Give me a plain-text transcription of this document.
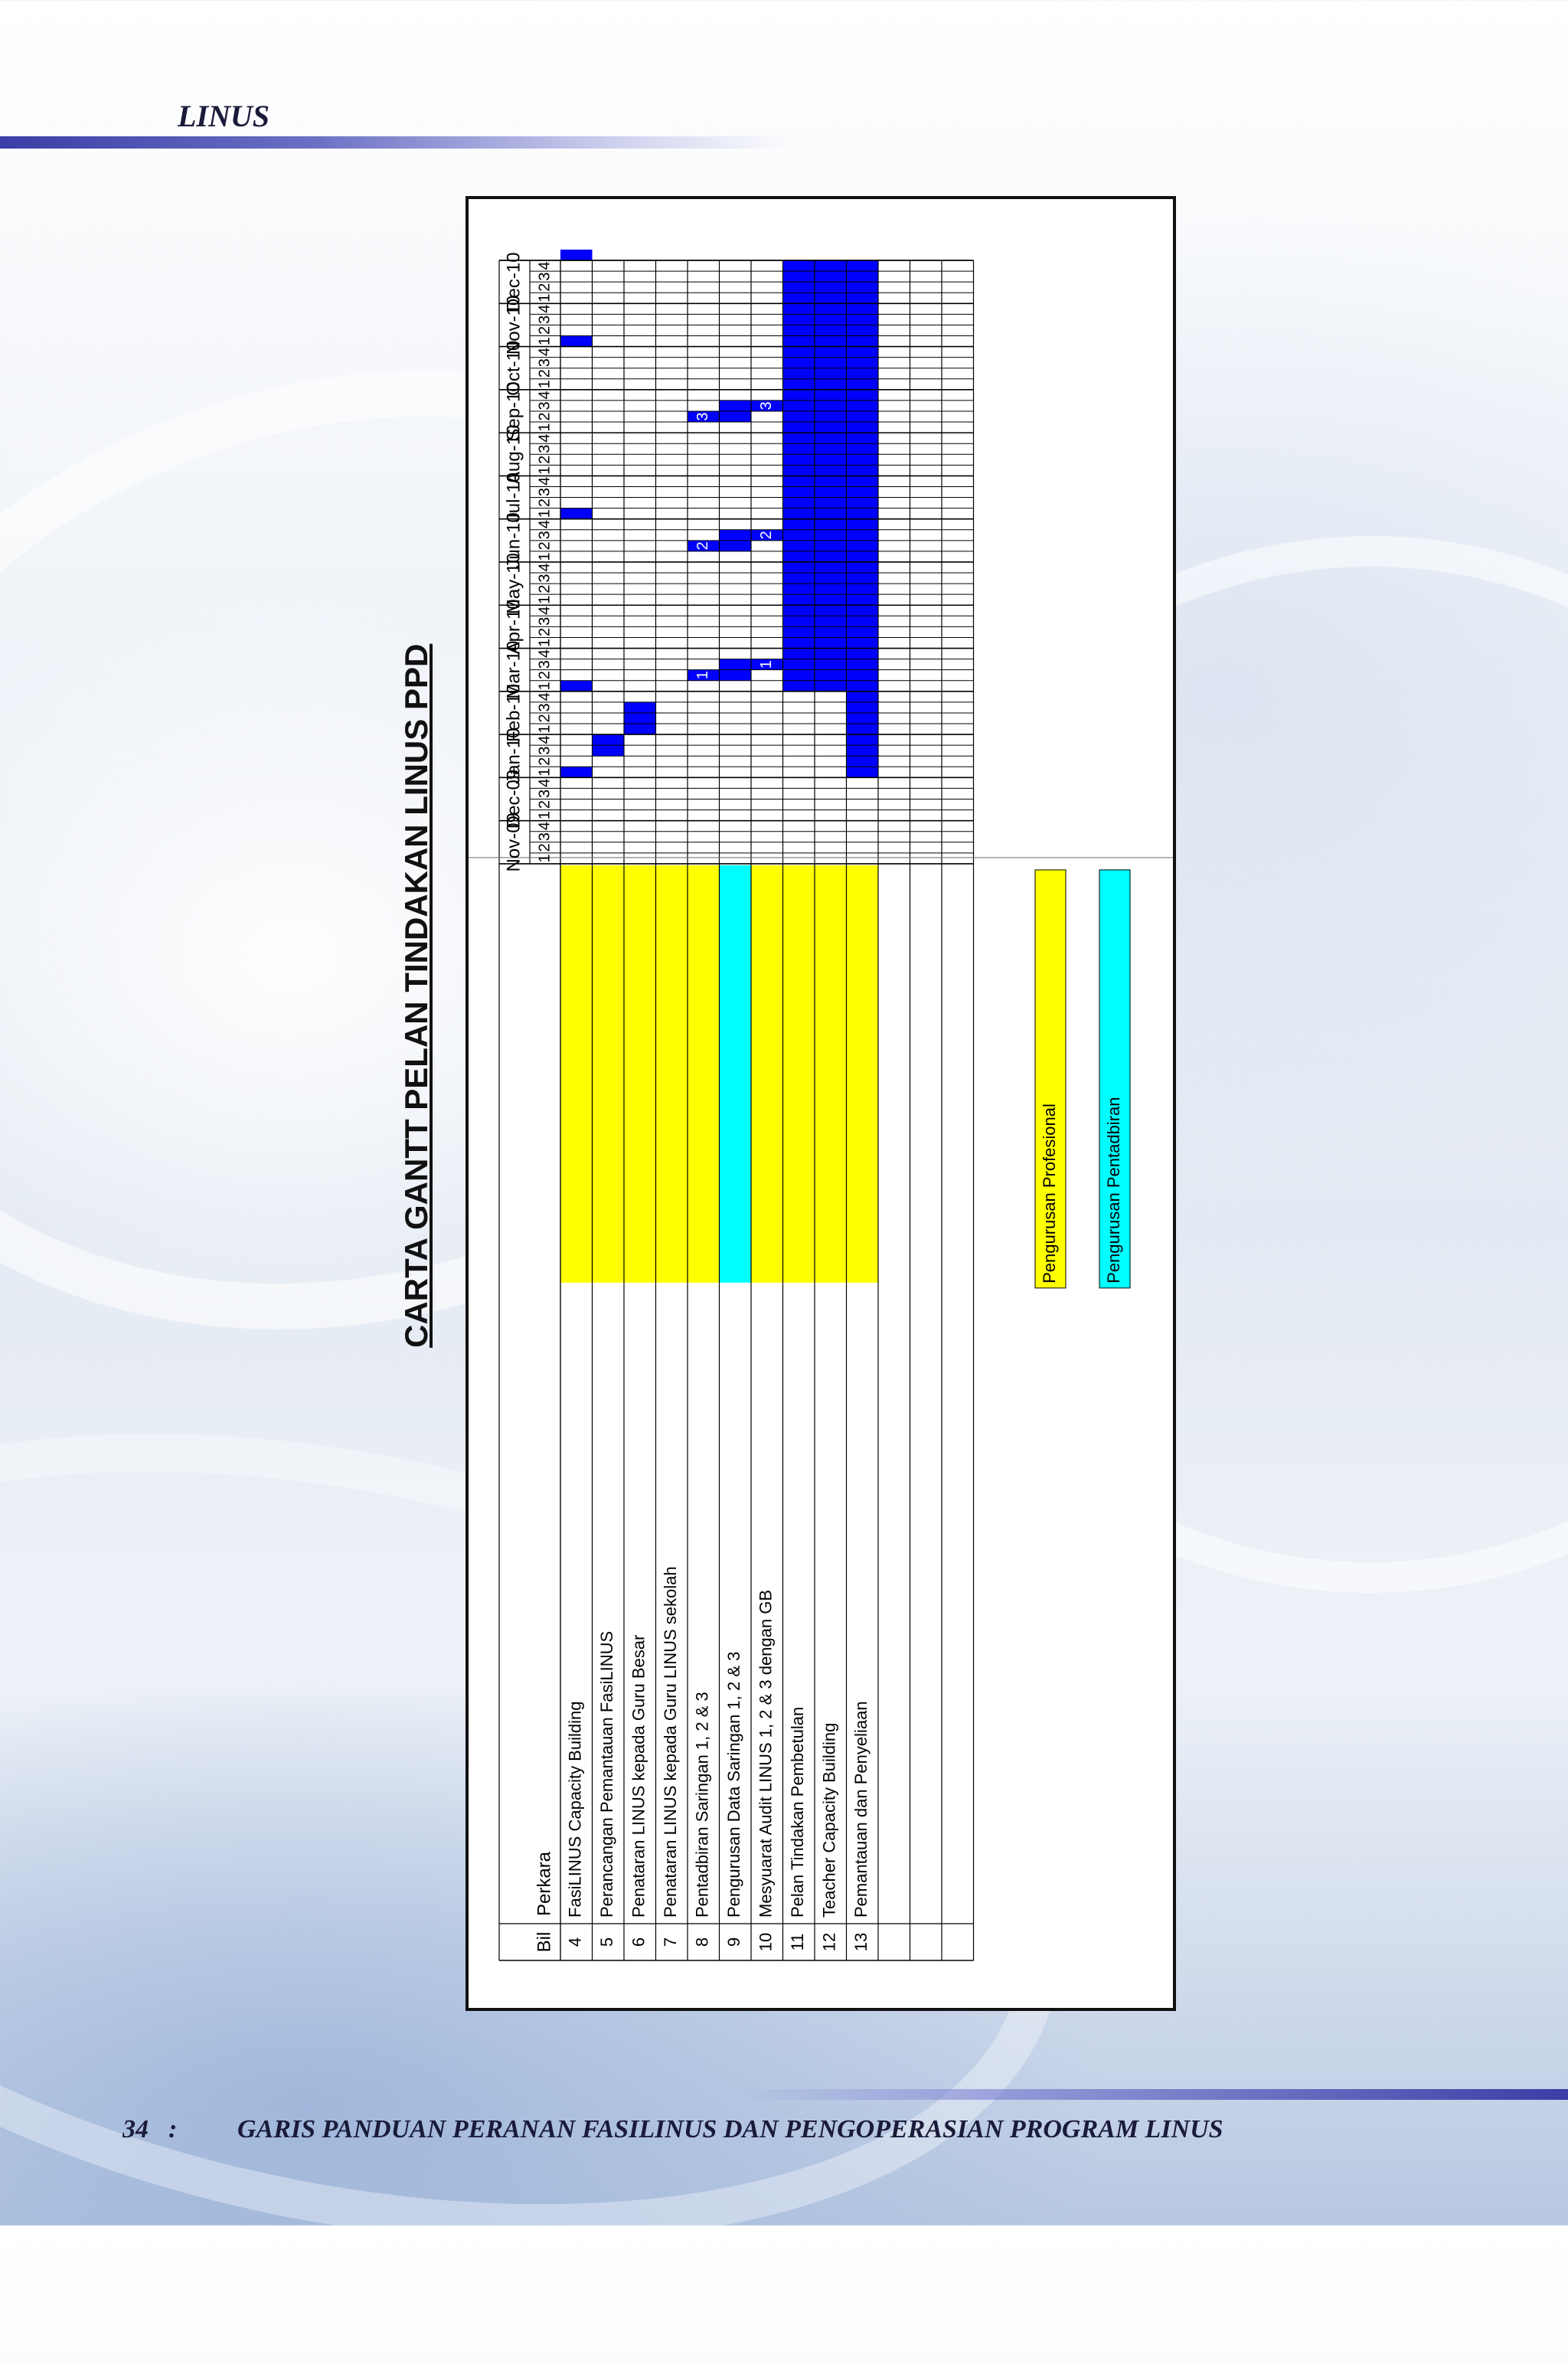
LINUS
CARTA GANTT PELAN TINDAKAN LINUS PPD	Nov-09
Dec-09
Jan-10
Feb-10
Mar-10
Apr-10
May-10
Jun-10
Jul-10
Aug-10
Sep-10
Oct-10
Nov-10
Dec-10
1
2
3
4
1
2
3
4
1
2
3
4
1
2
3
4
1
2
3
4
1
2
3
4
1
2
3
4
1
2
3
4
1
2
3
4
1
2
3
4
1
2
3
4
1
2
3
4
1
2
3
4
1
2
3
4
Bil
Perkara
4
FasiLINUS Capacity Building
5
Perancangan Pemantauan FasiLINUS
6
Penataran LINUS kepada Guru Besar
7
Penataran LINUS kepada Guru LINUS sekolah
8
Pentadbiran Saringan 1, 2 & 3
1
2
3
9
Pengurusan Data Saringan 1, 2 & 3
10
Mesyuarat Audit LINUS 1, 2 & 3 dengan GB
1
2
3
11
Pelan Tindakan Pembetulan
12
Teacher Capacity Building
13
Pemantauan dan Penyeliaan
Pengurusan Profesional	Pengurusan Pentadbiran
34 : GARIS PANDUAN PERANAN FASILINUS DAN PENGOPERASIAN PROGRAM LINUS
